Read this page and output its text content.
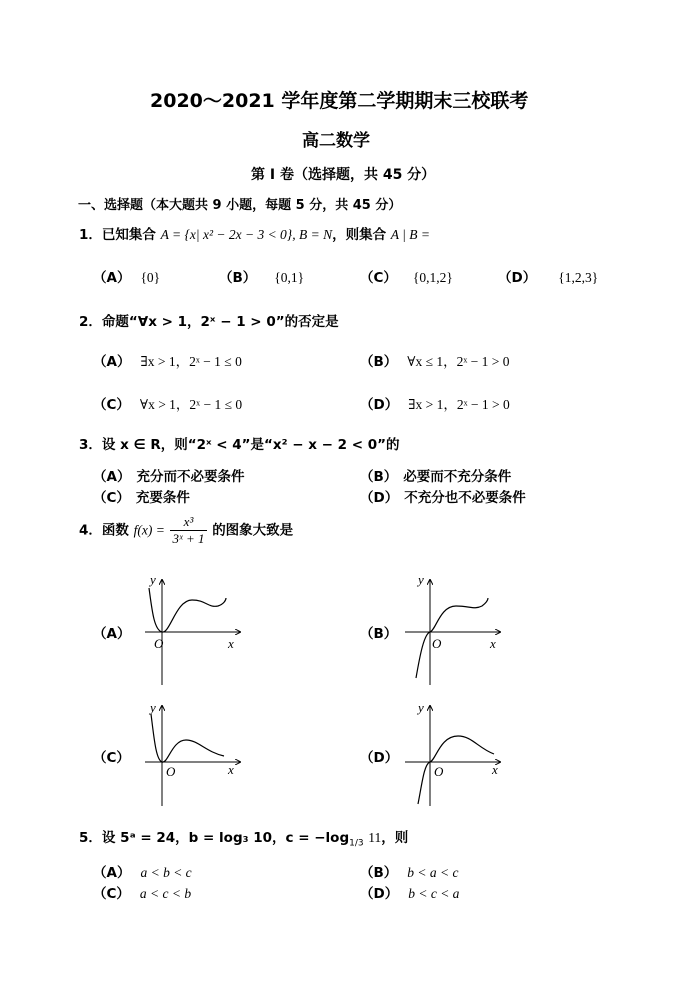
2020～2021 学年度第二学期期末三校联考
高二数学
第 I 卷（选择题，共 45 分）
一、选择题（本大题共 9 小题，每题 5 分，共 45 分）
1．已知集合 A = {x| x² − 2x − 3 < 0}, B = N，则集合 A | B =
（A） {0}	（B） {0,1}	（C） {0,1,2}	（D） {1,2,3}
2．命题“∀x > 1，2ˣ − 1 > 0”的否定是
（A） ∃x > 1，2ˣ − 1 ≤ 0	（B） ∀x ≤ 1，2ˣ − 1 > 0
（C） ∀x > 1，2ˣ − 1 ≤ 0	（D） ∃x > 1，2ˣ − 1 > 0
3．设 x ∈ R，则“2ˣ < 4”是“x² − x − 2 < 0”的
（A） 充分而不必要条件	（B） 必要而不充分条件
（C） 充要条件	（D） 不充分也不必要条件
4．函数 $f(x) = \frac{\text{x³}}{\text{3ˣ + 1}}$ 的图象大致是
（A）	（B）
（C）	（D）
O	x
y
O	x
y
O	x
y
O	x
y
5．设 5ᵃ = 24，b = log₃ 10，$c = -\log_{1/3}$ 11，则
（A） a < b < c	（B） b < a < c
（C） a < c < b	（D） b < c < a
